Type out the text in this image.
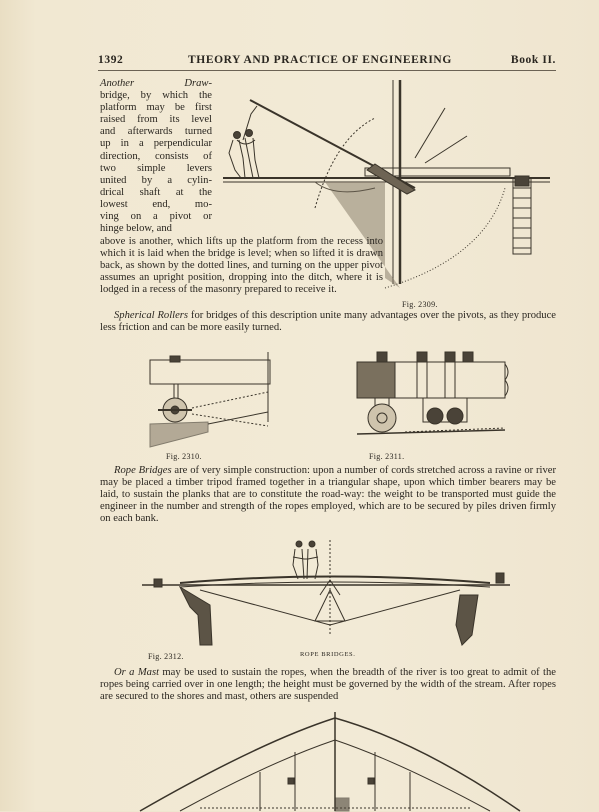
1392	THEORY AND PRACTICE OF ENGINEERING	Book II.
Another Draw-
bridge, by which the
platform may be first
raised from its level
and afterwards turned
up in a perpendicular
direction, consists of
two simple levers
united by a cylin-
drical shaft at the
lowest end, mo-
ving on a pivot or
hinge below, and

above is another, which lifts up the platform from the recess into which it is laid when the bridge is level; when so lifted it is drawn back, as shown by the dotted lines, and turning on the upper pivot assumes an upright position, dropping into the ditch, where it is lodged in a recess of the masonry prepared to receive it.

Fig. 2309.

Spherical Rollers for bridges of this description unite many advantages over the pivots, as they produce less friction and can be more easily turned.

Fig. 2310.	Fig. 2311.

Rope Bridges are of very simple construction: upon a number of cords stretched across a ravine or river may be placed a timber tripod framed together in a triangular shape, upon which timber bearers may be laid, to sustain the planks that are to constitute the road-way: the weight to be transported must guide the engineer in the number and strength of the ropes employed, which are to be secured by piles driven firmly on each bank.

Fig. 2312.	ROPE BRIDGES.

Or a Mast may be used to sustain the ropes, when the breadth of the river is too great to admit of the ropes being carried over in one length; the height must be governed by the width of the stream. After ropes are secured to the shores and mast, others are suspended
